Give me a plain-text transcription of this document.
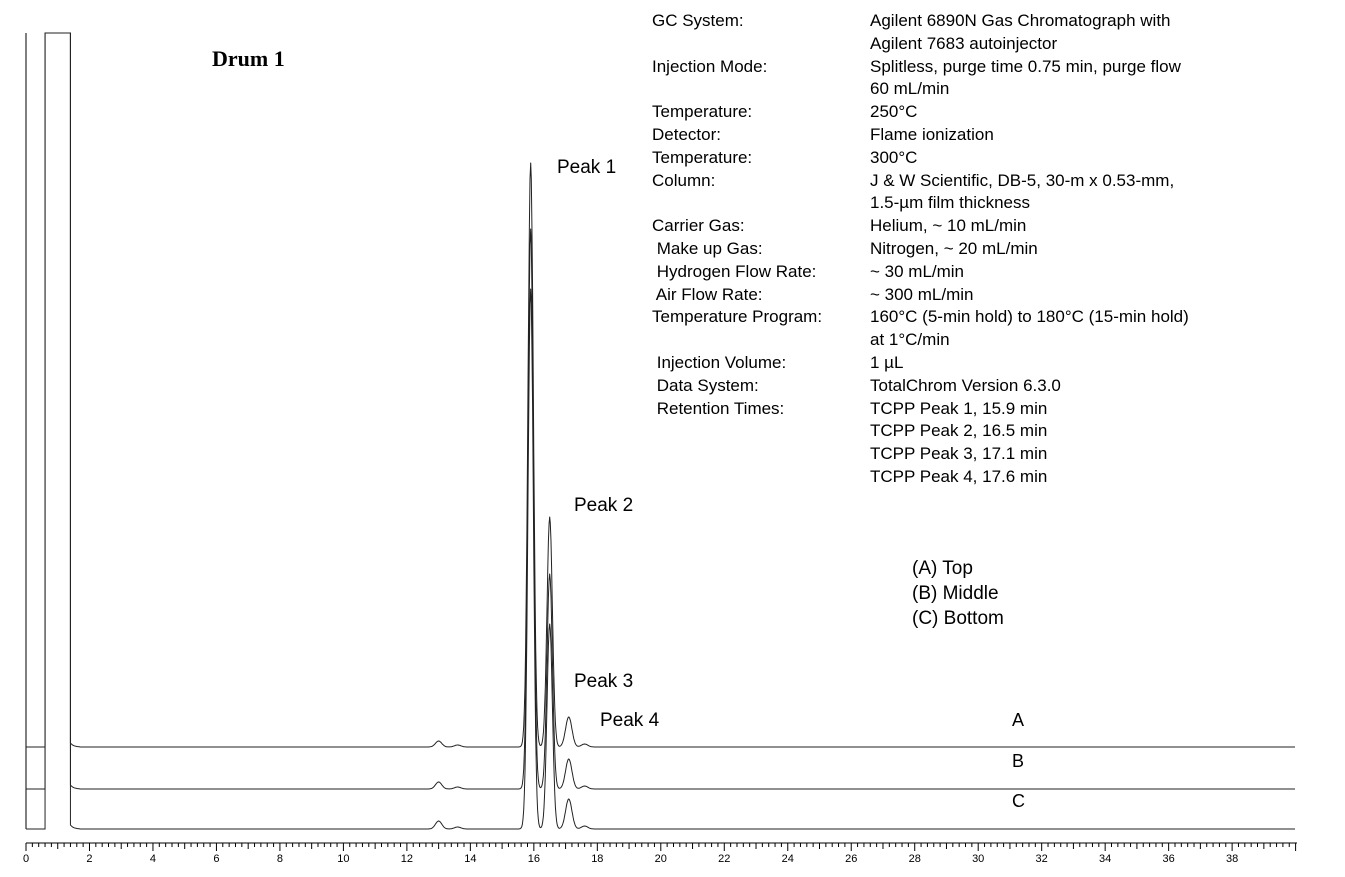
0	2	4	6	8	10	12	14	16	18	20	22	24	26	28	30	32	34	36	38
Drum 1
GC System:	Agilent 6890N Gas Chromatograph with
Agilent 7683 autoinjector
Injection Mode:	Splitless, purge time 0.75 min, purge flow
60 mL/min
Temperature:	250°C
Detector:	Flame ionization
Temperature:	300°C
Column:	J & W Scientific, DB-5, 30-m x 0.53-mm,
1.5-µm film thickness
Carrier Gas:	Helium, ~ 10 mL/min
Make up Gas:	Nitrogen, ~ 20 mL/min
Hydrogen Flow Rate:	~ 30 mL/min
Air Flow Rate:	~ 300 mL/min
Temperature Program:	160°C (5-min hold) to 180°C (15-min hold)
at 1°C/min
Injection Volume:	1 µL
Data System:	TotalChrom Version 6.3.0
Retention Times:	TCPP Peak 1, 15.9 min
TCPP Peak 2, 16.5 min
TCPP Peak 3, 17.1 min
TCPP Peak 4, 17.6 min
(A) Top
(B) Middle
(C) Bottom
Peak 1
Peak 2
Peak 3
Peak 4	A
B
C
